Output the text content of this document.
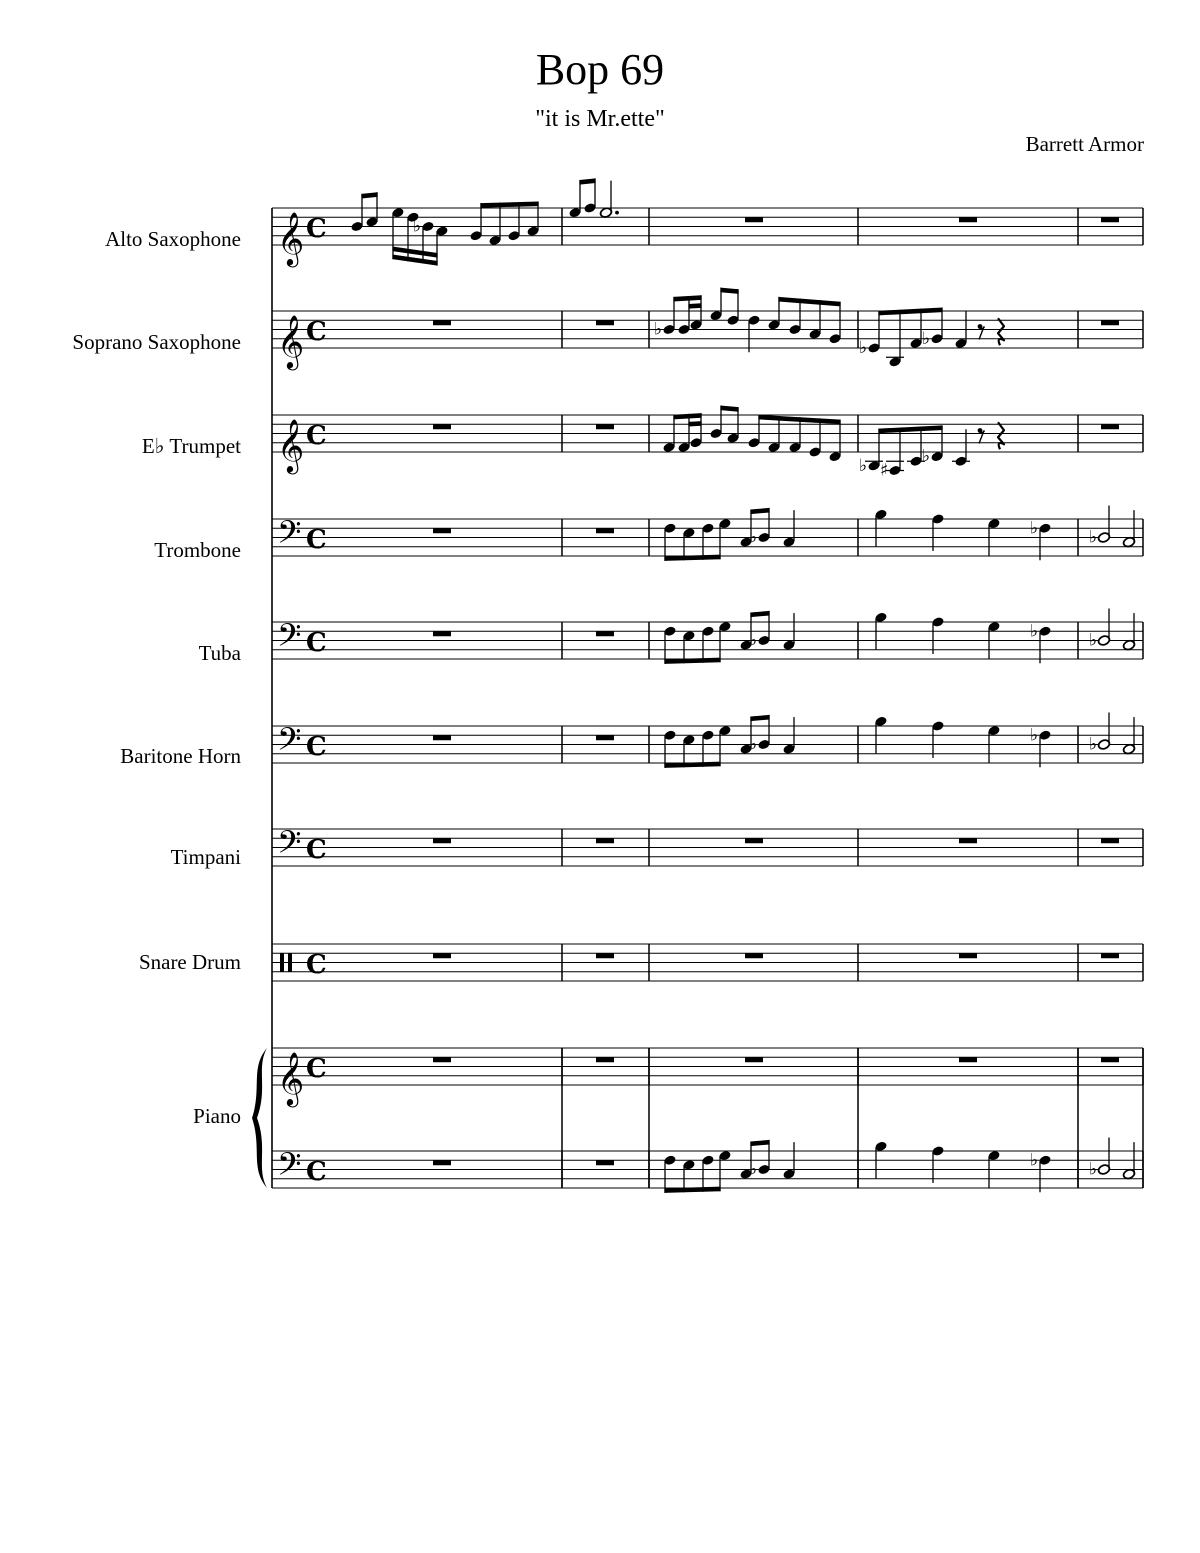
Bop 69
"it is Mr.ette"
Barrett Armor
Alto Saxophone
Soprano Saxophone
E♭ Trumpet
Trombone
Tuba
Baritone Horn
Timpani
Snare Drum
Piano
𝄞 C
𝄞 C
𝄞 C
𝄢 C
𝄢 C
𝄢 C
𝄢 C
C
𝄞 C
𝄢 C
♭
♭
♭	♭
♭ ♯
♭
♭	♭	♭
♭	♭	♭
♭	♭	♭
♭	♭	♭
